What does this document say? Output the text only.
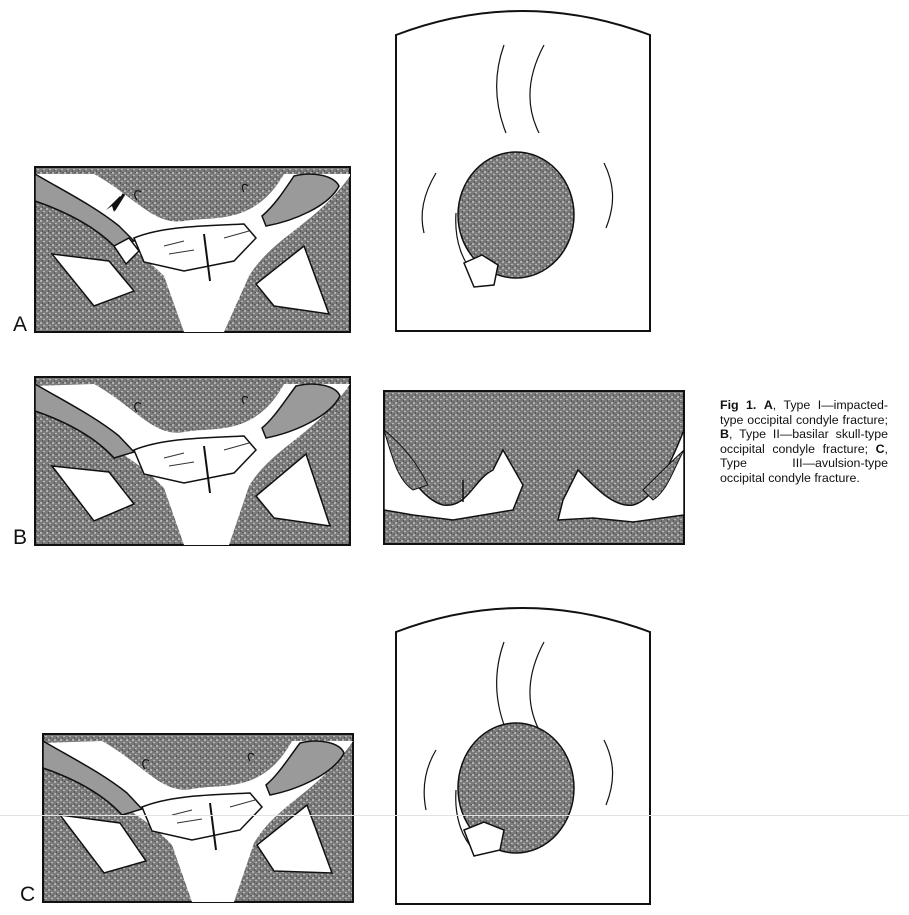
A
B
Fig 1. A, Type I—impacted-type occipital condyle fracture; B, Type II—basilar skull-type occipital condyle fracture; C, Type III—avulsion-type occipital condyle fracture.
C
